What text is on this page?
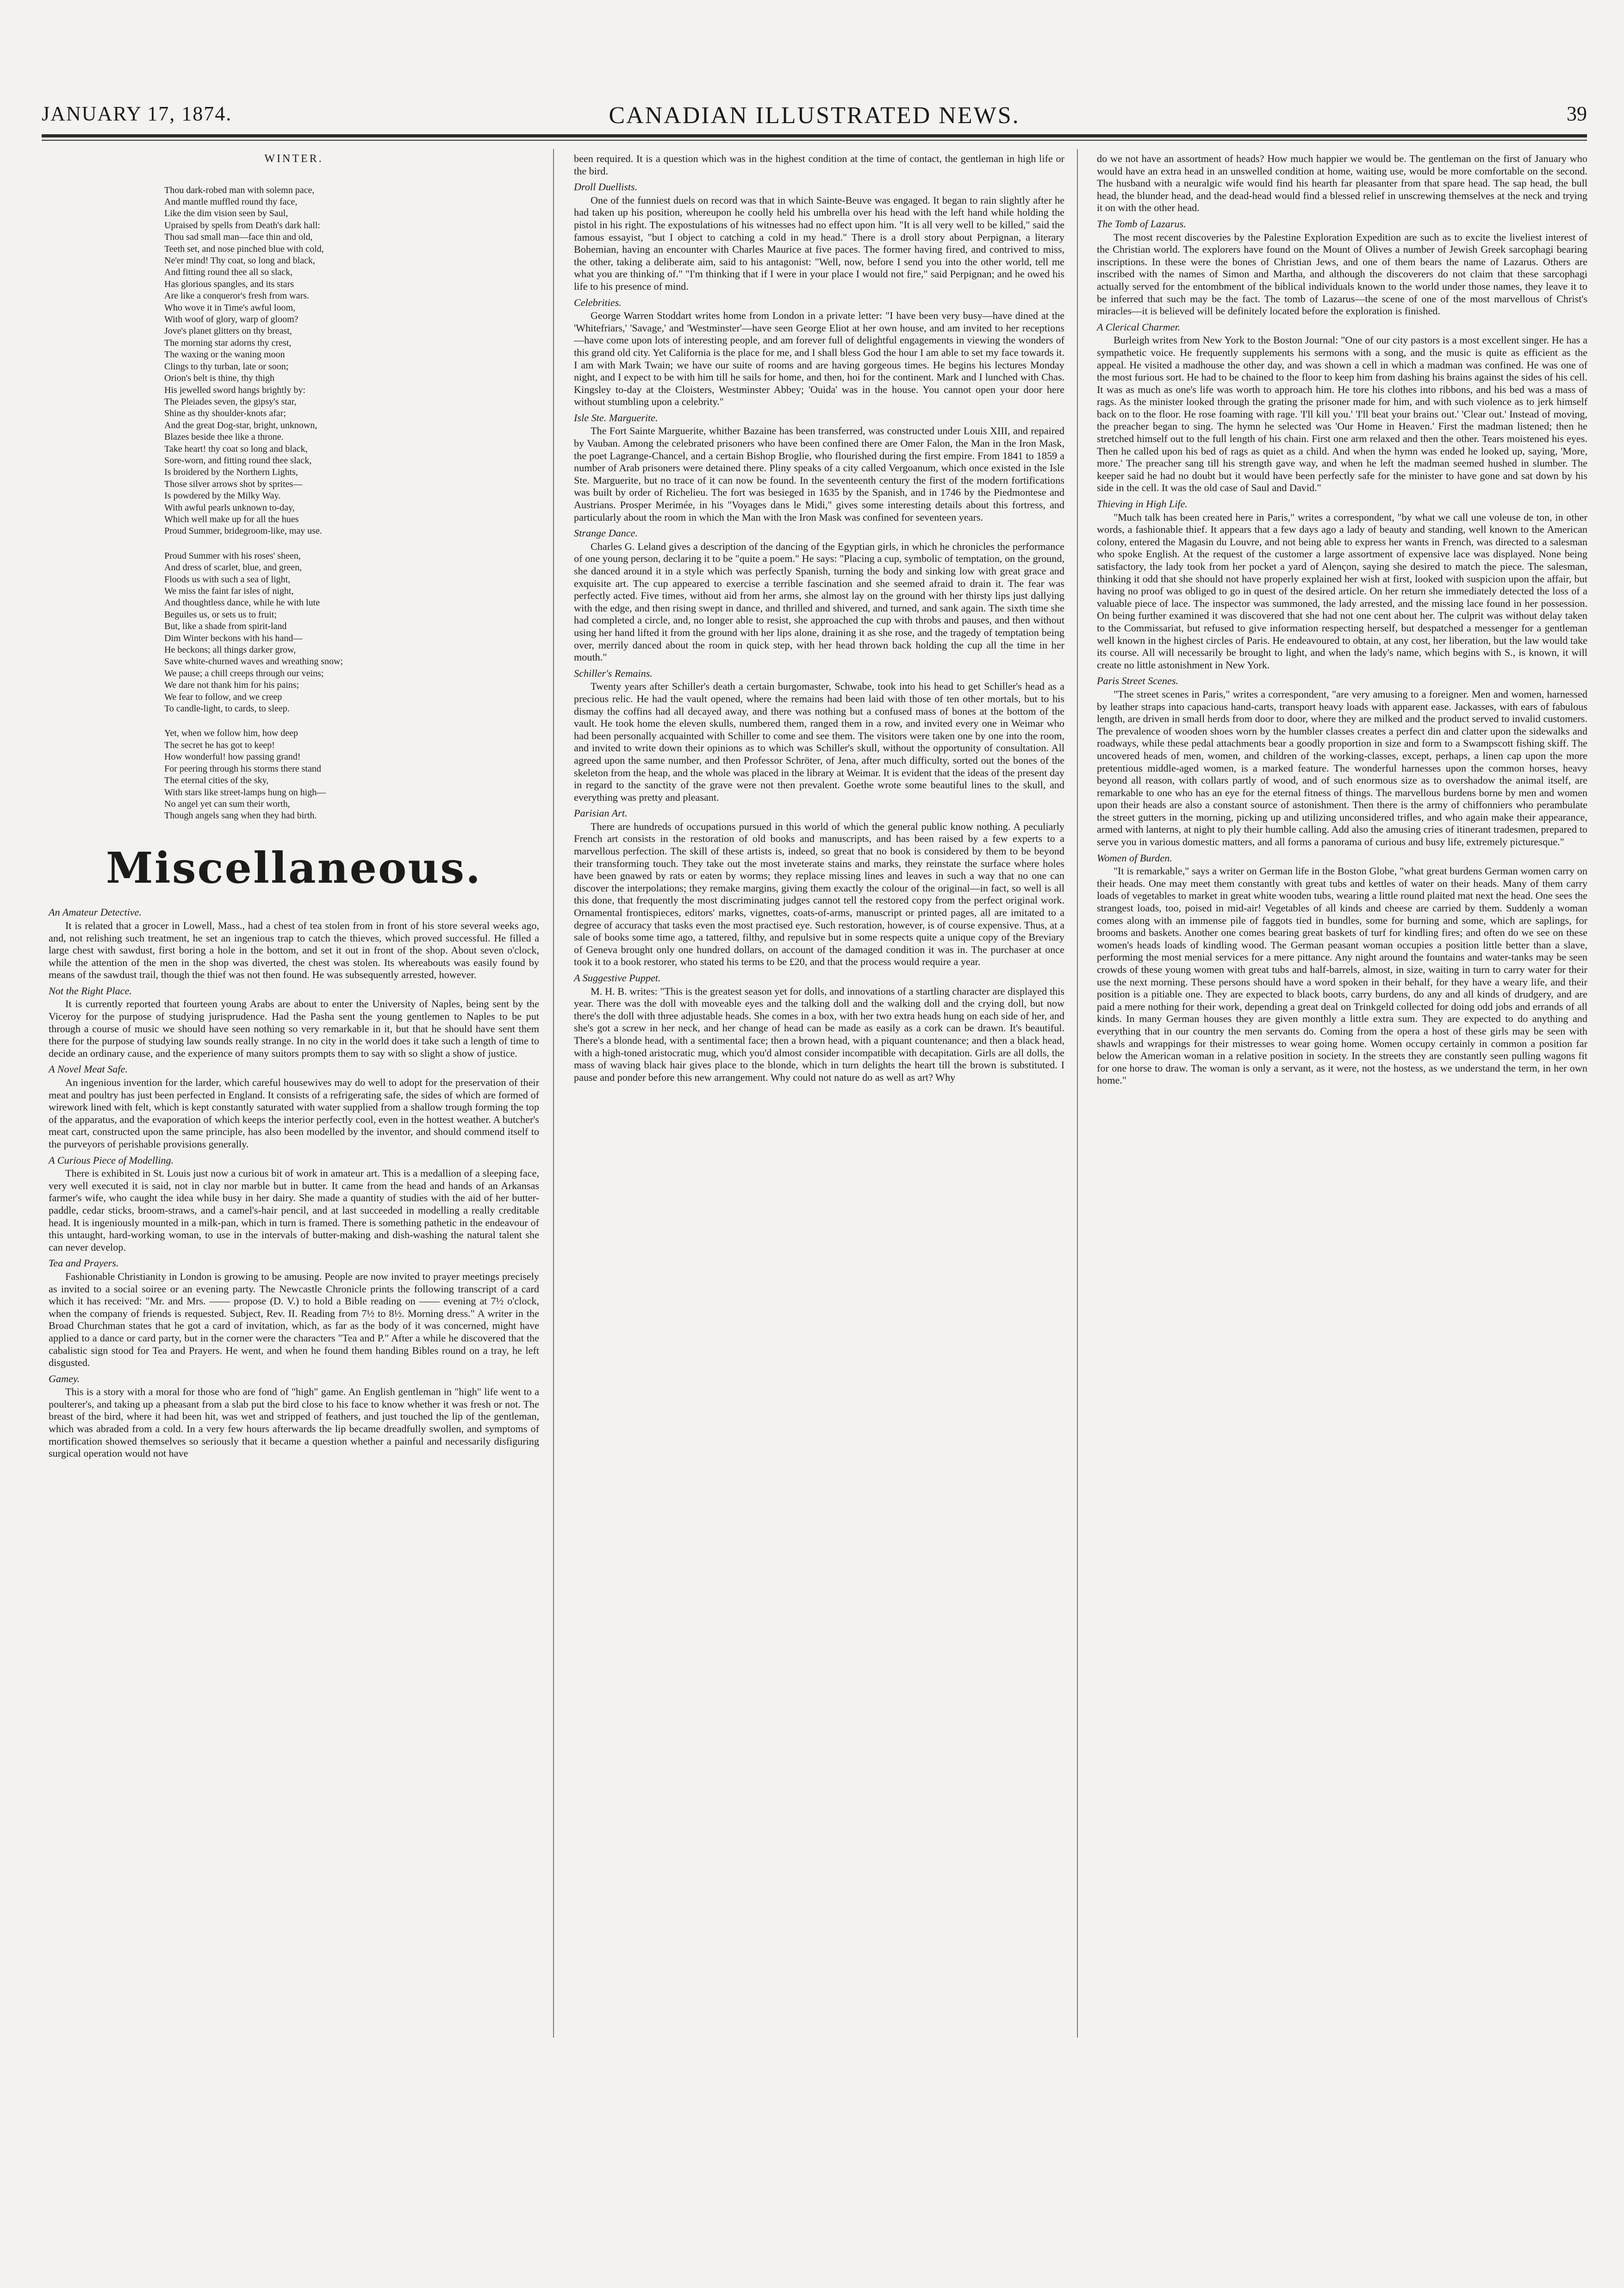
JANUARY 17, 1874.	CANADIAN ILLUSTRATED NEWS.	39
WINTER.
Thou dark-robed man with solemn pace,
And mantle muffled round thy face,
Like the dim vision seen by Saul,
Upraised by spells from Death's dark hall:
Thou sad small man—face thin and old,
Teeth set, and nose pinched blue with cold,
Ne'er mind! Thy coat, so long and black,
And fitting round thee all so slack,
Has glorious spangles, and its stars
Are like a conqueror's fresh from wars.
Who wove it in Time's awful loom,
With woof of glory, warp of gloom?
Jove's planet glitters on thy breast,
The morning star adorns thy crest,
The waxing or the waning moon
Clings to thy turban, late or soon;
Orion's belt is thine, thy thigh
His jewelled sword hangs brightly by:
The Pleiades seven, the gipsy's star,
Shine as thy shoulder-knots afar;
And the great Dog-star, bright, unknown,
Blazes beside thee like a throne.
Take heart! thy coat so long and black,
Sore-worn, and fitting round thee slack,
Is broidered by the Northern Lights,
Those silver arrows shot by sprites—
Is powdered by the Milky Way.
With awful pearls unknown to-day,
Which well make up for all the hues
Proud Summer, bridegroom-like, may use.
Proud Summer with his roses' sheen,
And dress of scarlet, blue, and green,
Floods us with such a sea of light,
We miss the faint far isles of night,
And thoughtless dance, while he with lute
Beguiles us, or sets us to fruit;
But, like a shade from spirit-land
Dim Winter beckons with his hand—
He beckons; all things darker grow,
Save white-churned waves and wreathing snow;
We pause; a chill creeps through our veins;
We dare not thank him for his pains;
We fear to follow, and we creep
To candle-light, to cards, to sleep.
Yet, when we follow him, how deep
The secret he has got to keep!
How wonderful! how passing grand!
For peering through his storms there stand
The eternal cities of the sky,
With stars like street-lamps hung on high—
No angel yet can sum their worth,
Though angels sang when they had birth.
Miscellaneous.
An Amateur Detective.

It is related that a grocer in Lowell, Mass., had a chest of tea stolen from in front of his store several weeks ago, and, not relishing such treatment, he set an ingenious trap to catch the thieves, which proved successful. He filled a large chest with sawdust, first boring a hole in the bottom, and set it out in front of the shop. About seven o'clock, while the attention of the men in the shop was diverted, the chest was stolen. Its whereabouts was easily found by means of the sawdust trail, though the thief was not then found. He was subsequently arrested, however.

Not the Right Place.

It is currently reported that fourteen young Arabs are about to enter the University of Naples, being sent by the Viceroy for the purpose of studying jurisprudence. Had the Pasha sent the young gentlemen to Naples to be put through a course of music we should have seen nothing so very remarkable in it, but that he should have sent them there for the purpose of studying law sounds really strange. In no city in the world does it take such a length of time to decide an ordinary cause, and the experience of many suitors prompts them to say with so slight a show of justice.

A Novel Meat Safe.

An ingenious invention for the larder, which careful housewives may do well to adopt for the preservation of their meat and poultry has just been perfected in England. It consists of a refrigerating safe, the sides of which are formed of wirework lined with felt, which is kept constantly saturated with water supplied from a shallow trough forming the top of the apparatus, and the evaporation of which keeps the interior perfectly cool, even in the hottest weather. A butcher's meat cart, constructed upon the same principle, has also been modelled by the inventor, and should commend itself to the purveyors of perishable provisions generally.

A Curious Piece of Modelling.

There is exhibited in St. Louis just now a curious bit of work in amateur art. This is a medallion of a sleeping face, very well executed it is said, not in clay nor marble but in butter. It came from the head and hands of an Arkansas farmer's wife, who caught the idea while busy in her dairy. She made a quantity of studies with the aid of her butter-paddle, cedar sticks, broom-straws, and a camel's-hair pencil, and at last succeeded in modelling a really creditable head. It is ingeniously mounted in a milk-pan, which in turn is framed. There is something pathetic in the endeavour of this untaught, hard-working woman, to use in the intervals of butter-making and dish-washing the natural talent she can never develop.

Tea and Prayers.

Fashionable Christianity in London is growing to be amusing. People are now invited to prayer meetings precisely as invited to a social soiree or an evening party. The Newcastle Chronicle prints the following transcript of a card which it has received: "Mr. and Mrs. —— propose (D. V.) to hold a Bible reading on —— evening at 7½ o'clock, when the company of friends is requested. Subject, Rev. II. Reading from 7½ to 8½. Morning dress." A writer in the Broad Churchman states that he got a card of invitation, which, as far as the body of it was concerned, might have applied to a dance or card party, but in the corner were the characters "Tea and P." After a while he discovered that the cabalistic sign stood for Tea and Prayers. He went, and when he found them handing Bibles round on a tray, he left disgusted.

Gamey.

This is a story with a moral for those who are fond of "high" game. An English gentleman in "high" life went to a poulterer's, and taking up a pheasant from a slab put the bird close to his face to know whether it was fresh or not. The breast of the bird, where it had been hit, was wet and stripped of feathers, and just touched the lip of the gentleman, which was abraded from a cold. In a very few hours afterwards the lip became dreadfully swollen, and symptoms of mortification showed themselves so seriously that it became a question whether a painful and necessarily disfiguring surgical operation would not have

been required. It is a question which was in the highest condition at the time of contact, the gentleman in high life or the bird.

Droll Duellists.

One of the funniest duels on record was that in which Sainte-Beuve was engaged. It began to rain slightly after he had taken up his position, whereupon he coolly held his umbrella over his head with the left hand while holding the pistol in his right. The expostulations of his witnesses had no effect upon him. "It is all very well to be killed," said the famous essayist, "but I object to catching a cold in my head." There is a droll story about Perpignan, a literary Bohemian, having an encounter with Charles Maurice at five paces. The former having fired, and contrived to miss, the other, taking a deliberate aim, said to his antagonist: "Well, now, before I send you into the other world, tell me what you are thinking of." "I'm thinking that if I were in your place I would not fire," said Perpignan; and he owed his life to his presence of mind.

Celebrities.

George Warren Stoddart writes home from London in a private letter: "I have been very busy—have dined at the 'Whitefriars,' 'Savage,' and 'Westminster'—have seen George Eliot at her own house, and am invited to her receptions—have come upon lots of interesting people, and am forever full of delightful engagements in viewing the wonders of this grand old city. Yet California is the place for me, and I shall bless God the hour I am able to set my face towards it. I am with Mark Twain; we have our suite of rooms and are having gorgeous times. He begins his lectures Monday night, and I expect to be with him till he sails for home, and then, hoi for the continent. Mark and I lunched with Chas. Kingsley to-day at the Cloisters, Westminster Abbey; 'Ouida' was in the house. You cannot open your door here without stumbling upon a celebrity."

Isle Ste. Marguerite.

The Fort Sainte Marguerite, whither Bazaine has been transferred, was constructed under Louis XIII, and repaired by Vauban. Among the celebrated prisoners who have been confined there are Omer Falon, the Man in the Iron Mask, the poet Lagrange-Chancel, and a certain Bishop Broglie, who flourished during the first empire. From 1841 to 1859 a number of Arab prisoners were detained there. Pliny speaks of a city called Vergoanum, which once existed in the Isle Ste. Marguerite, but no trace of it can now be found. In the seventeenth century the first of the modern fortifications was built by order of Richelieu. The fort was besieged in 1635 by the Spanish, and in 1746 by the Piedmontese and Austrians. Prosper Merimée, in his "Voyages dans le Midi," gives some interesting details about this fortress, and particularly about the room in which the Man with the Iron Mask was confined for seventeen years.

Strange Dance.

Charles G. Leland gives a description of the dancing of the Egyptian girls, in which he chronicles the performance of one young person, declaring it to be "quite a poem." He says: "Placing a cup, symbolic of temptation, on the ground, she danced around it in a style which was perfectly Spanish, turning the body and sinking low with great grace and exquisite art. The cup appeared to exercise a terrible fascination and she seemed afraid to drain it. The fear was perfectly acted. Five times, without aid from her arms, she almost lay on the ground with her thirsty lips just dallying with the edge, and then rising swept in dance, and thrilled and shivered, and turned, and sank again. The sixth time she had completed a circle, and, no longer able to resist, she approached the cup with throbs and pauses, and then without using her hand lifted it from the ground with her lips alone, draining it as she rose, and the tragedy of temptation being over, merrily danced about the room in quick step, with her head thrown back holding the cup all the time in her mouth."

Schiller's Remains.

Twenty years after Schiller's death a certain burgomaster, Schwabe, took into his head to get Schiller's head as a precious relic. He had the vault opened, where the remains had been laid with those of ten other mortals, but to his dismay the coffins had all decayed away, and there was nothing but a confused mass of bones at the bottom of the vault. He took home the eleven skulls, numbered them, ranged them in a row, and invited every one in Weimar who had been personally acquainted with Schiller to come and see them. The visitors were taken one by one into the room, and invited to write down their opinions as to which was Schiller's skull, without the opportunity of consultation. All agreed upon the same number, and then Professor Schröter, of Jena, after much difficulty, sorted out the bones of the skeleton from the heap, and the whole was placed in the library at Weimar. It is evident that the ideas of the present day in regard to the sanctity of the grave were not then prevalent. Goethe wrote some beautiful lines to the skull, and everything was pretty and pleasant.

Parisian Art.

There are hundreds of occupations pursued in this world of which the general public know nothing. A peculiarly French art consists in the restoration of old books and manuscripts, and has been raised by a few experts to a marvellous perfection. The skill of these artists is, indeed, so great that no book is considered by them to be beyond their transforming touch. They take out the most inveterate stains and marks, they reinstate the surface where holes have been gnawed by rats or eaten by worms; they replace missing lines and leaves in such a way that no one can discover the interpolations; they remake margins, giving them exactly the colour of the original—in fact, so well is all this done, that frequently the most discriminating judges cannot tell the restored copy from the perfect original work. Ornamental frontispieces, editors' marks, vignettes, coats-of-arms, manuscript or printed pages, all are imitated to a degree of accuracy that tasks even the most practised eye. Such restoration, however, is of course expensive. Thus, at a sale of books some time ago, a tattered, filthy, and repulsive but in some respects quite a unique copy of the Breviary of Geneva brought only one hundred dollars, on account of the damaged condition it was in. The purchaser at once took it to a book restorer, who stated his terms to be £20, and that the process would require a year.

A Suggestive Puppet.

M. H. B. writes: "This is the greatest season yet for dolls, and innovations of a startling character are displayed this year. There was the doll with moveable eyes and the talking doll and the walking doll and the crying doll, but now there's the doll with three adjustable heads. She comes in a box, with her two extra heads hung on each side of her, and she's got a screw in her neck, and her change of head can be made as easily as a cork can be drawn. It's beautiful. There's a blonde head, with a sentimental face; then a brown head, with a piquant countenance; and then a black head, with a high-toned aristocratic mug, which you'd almost consider incompatible with decapitation. Girls are all dolls, the mass of waving black hair gives place to the blonde, which in turn delights the heart till the brown is substituted. I pause and ponder before this new arrangement. Why could not nature do as well as art? Why

do we not have an assortment of heads? How much happier we would be. The gentleman on the first of January who would have an extra head in an unswelled condition at home, waiting use, would be more comfortable on the second. The husband with a neuralgic wife would find his hearth far pleasanter from that spare head. The sap head, the bull head, the blunder head, and the dead-head would find a blessed relief in unscrewing themselves at the neck and trying it on with the other head.

The Tomb of Lazarus.

The most recent discoveries by the Palestine Exploration Expedition are such as to excite the liveliest interest of the Christian world. The explorers have found on the Mount of Olives a number of Jewish Greek sarcophagi bearing inscriptions. In these were the bones of Christian Jews, and one of them bears the name of Lazarus. Others are inscribed with the names of Simon and Martha, and although the discoverers do not claim that these sarcophagi actually served for the entombment of the biblical individuals known to the world under those names, they leave it to be inferred that such may be the fact. The tomb of Lazarus—the scene of one of the most marvellous of Christ's miracles—it is believed will be definitely located before the exploration is finished.

A Clerical Charmer.

Burleigh writes from New York to the Boston Journal: "One of our city pastors is a most excellent singer. He has a sympathetic voice. He frequently supplements his sermons with a song, and the music is quite as efficient as the appeal. He visited a madhouse the other day, and was shown a cell in which a madman was confined. He was one of the most furious sort. He had to be chained to the floor to keep him from dashing his brains against the sides of his cell. It was as much as one's life was worth to approach him. He tore his clothes into ribbons, and his bed was a mass of rags. As the minister looked through the grating the prisoner made for him, and with such violence as to jerk himself back on to the floor. He rose foaming with rage. 'I'll kill you.' 'I'll beat your brains out.' 'Clear out.' Instead of moving, the preacher began to sing. The hymn he selected was 'Our Home in Heaven.' First the madman listened; then he stretched himself out to the full length of his chain. First one arm relaxed and then the other. Tears moistened his eyes. Then he called upon his bed of rags as quiet as a child. And when the hymn was ended he looked up, saying, 'More, more.' The preacher sang till his strength gave way, and when he left the madman seemed hushed in slumber. The keeper said he had no doubt but it would have been perfectly safe for the minister to have gone and sat down by his side in the cell. It was the old case of Saul and David."

Thieving in High Life.

"Much talk has been created here in Paris," writes a correspondent, "by what we call une voleuse de ton, in other words, a fashionable thief. It appears that a few days ago a lady of beauty and standing, well known to the American colony, entered the Magasin du Louvre, and not being able to express her wants in French, was directed to a salesman who spoke English. At the request of the customer a large assortment of expensive lace was displayed. None being satisfactory, the lady took from her pocket a yard of Alençon, saying she desired to match the piece. The salesman, thinking it odd that she should not have properly explained her wish at first, looked with suspicion upon the affair, but having no proof was obliged to go in quest of the desired article. On her return she immediately detected the loss of a valuable piece of lace. The inspector was summoned, the lady arrested, and the missing lace found in her possession. On being further examined it was discovered that she had not one cent about her. The culprit was without delay taken to the Commissariat, but refused to give information respecting herself, but despatched a messenger for a gentleman well known in the highest circles of Paris. He endeavoured to obtain, at any cost, her liberation, but the law would take its course. All will necessarily be brought to light, and when the lady's name, which begins with S., is known, it will create no little astonishment in New York.

Paris Street Scenes.

"The street scenes in Paris," writes a correspondent, "are very amusing to a foreigner. Men and women, harnessed by leather straps into capacious hand-carts, transport heavy loads with apparent ease. Jackasses, with ears of fabulous length, are driven in small herds from door to door, where they are milked and the product served to invalid customers. The prevalence of wooden shoes worn by the humbler classes creates a perfect din and clatter upon the sidewalks and roadways, while these pedal attachments bear a goodly proportion in size and form to a Swampscott fishing skiff. The uncovered heads of men, women, and children of the working-classes, except, perhaps, a linen cap upon the more pretentious middle-aged women, is a marked feature. The wonderful harnesses upon the common horses, heavy beyond all reason, with collars partly of wood, and of such enormous size as to overshadow the animal itself, are remarkable to one who has an eye for the eternal fitness of things. The marvellous burdens borne by men and women upon their heads are also a constant source of astonishment. Then there is the army of chiffonniers who perambulate the street gutters in the morning, picking up and utilizing unconsidered trifles, and who again make their appearance, armed with lanterns, at night to ply their humble calling. Add also the amusing cries of itinerant tradesmen, prepared to serve you in various domestic matters, and all forms a panorama of curious and busy life, extremely picturesque."

Women of Burden.

"It is remarkable," says a writer on German life in the Boston Globe, "what great burdens German women carry on their heads. One may meet them constantly with great tubs and kettles of water on their heads. Many of them carry loads of vegetables to market in great white wooden tubs, wearing a little round plaited mat next the head. One sees the strangest loads, too, poised in mid-air! Vegetables of all kinds and cheese are carried by them. Suddenly a woman comes along with an immense pile of faggots tied in bundles, some for burning and some, which are saplings, for brooms and baskets. Another one comes bearing great baskets of turf for kindling fires; and often do we see on these women's heads loads of kindling wood. The German peasant woman occupies a position little better than a slave, performing the most menial services for a mere pittance. Any night around the fountains and water-tanks may be seen crowds of these young women with great tubs and half-barrels, almost, in size, waiting in turn to carry water for their use the next morning. These persons should have a word spoken in their behalf, for they have a weary life, and their position is a pitiable one. They are expected to black boots, carry burdens, do any and all kinds of drudgery, and are paid a mere nothing for their work, depending a great deal on Trinkgeld collected for doing odd jobs and errands of all kinds. In many German houses they are given monthly a little extra sum. They are expected to do anything and everything that in our country the men servants do. Coming from the opera a host of these girls may be seen with shawls and wrappings for their mistresses to wear going home. Women occupy certainly in common a position far below the American woman in a relative position in society. In the streets they are constantly seen pulling wagons fit for one horse to draw. The woman is only a servant, as it were, not the hostess, as we understand the term, in her own home."
